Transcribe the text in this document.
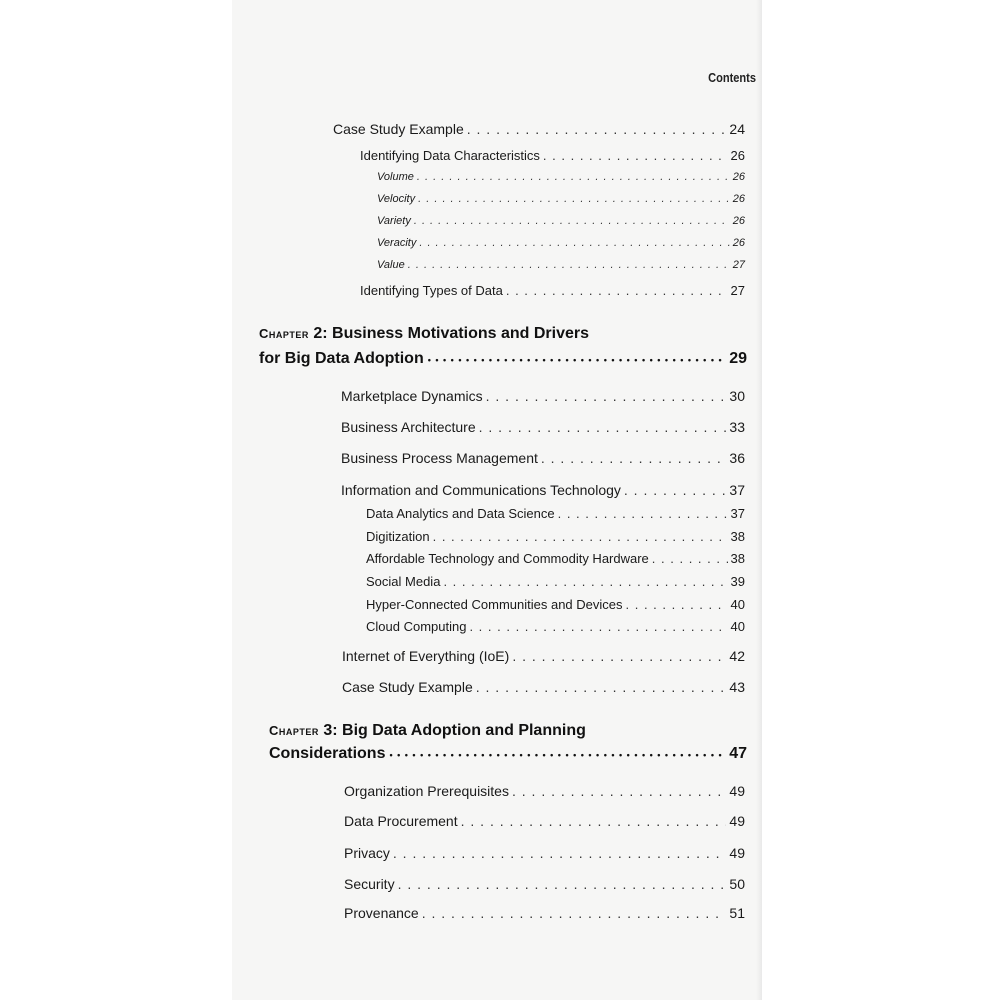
Contents
Case Study Example . . .	24
Identifying Data Characteristics . . .	26
Volume . . .	26
Velocity . . .	26
Variety . . .	26
Veracity . . .	26
Value . . .	27
Identifying Types of Data . . .	27
Chapter 2: Business Motivations and Drivers
for Big Data Adoption • • •	29
Marketplace Dynamics . . .	30
Business Architecture . . .	33
Business Process Management . . .	36
Information and Communications Technology . . .	37
Data Analytics and Data Science . . .	37
Digitization . . .	38
Affordable Technology and Commodity Hardware . . .	38
Social Media . . .	39
Hyper-Connected Communities and Devices . . .	40
Cloud Computing . . .	40
Internet of Everything (IoE) . . .	42
Case Study Example . . .	43
Chapter 3: Big Data Adoption and Planning
Considerations • • •	47
Organization Prerequisites . . .	49
Data Procurement . . .	49
Privacy . . .	49
Security . . .	50
Provenance . . .	51
